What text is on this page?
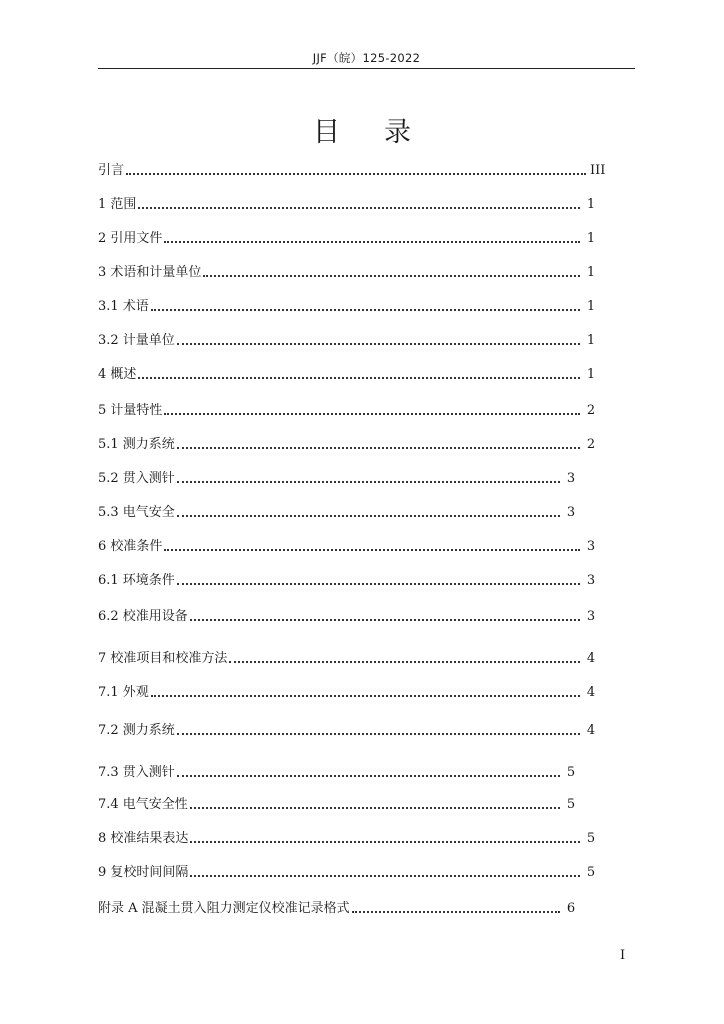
JJF（皖）125-2022
目录
引言	III
1 范围	1
2 引用文件	1
3 术语和计量单位	1
3.1 术语	1
3.2 计量单位	1
4 概述	1
5 计量特性	2
5.1 测力系统	2
5.2 贯入测针	3
5.3 电气安全	3
6 校准条件	3
6.1 环境条件	3
6.2 校准用设备	3
7 校准项目和校准方法	4
7.1 外观	4
7.2 测力系统	4
7.3 贯入测针	5
7.4 电气安全性	5
8 校准结果表达	5
9 复校时间间隔	5
附录 A 混凝土贯入阻力测定仪校准记录格式	6
I
